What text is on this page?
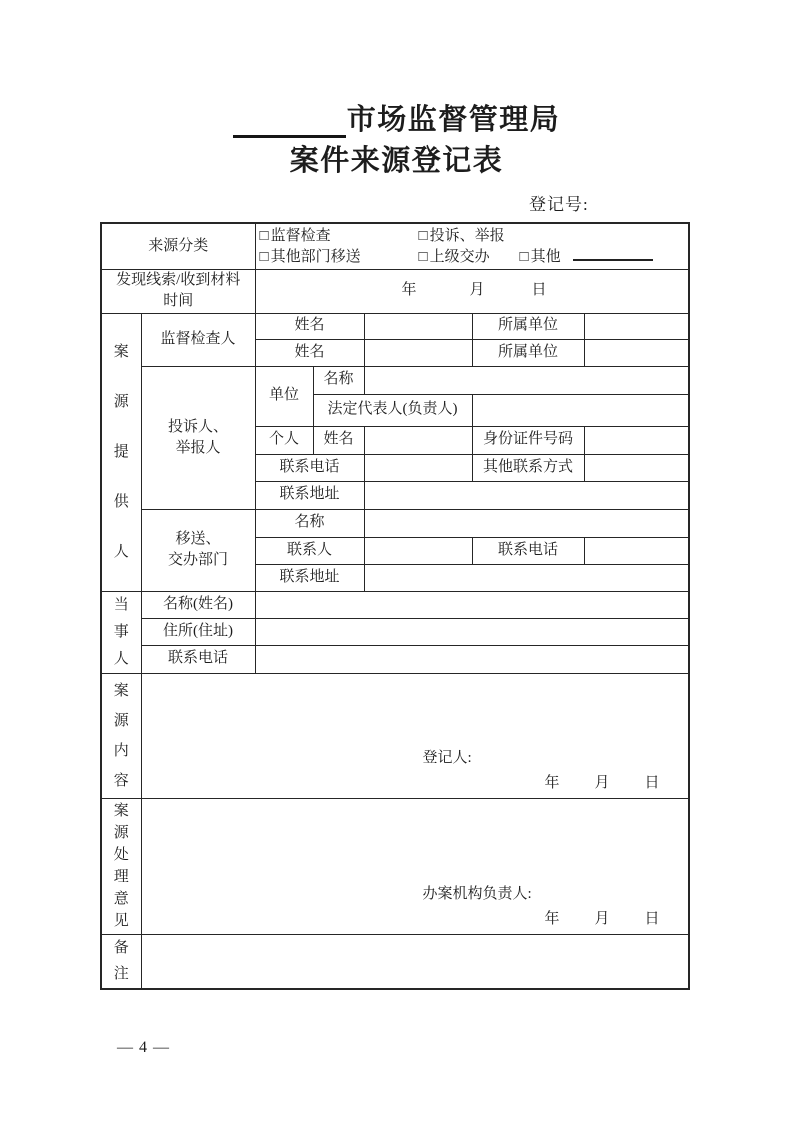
市场监督管理局
案件来源登记表
登记号:
来源分类		□ 监督检查 □ 投诉、举报
□ 其他部门移送 □ 上级交办 □ 其他				

发现线索/收到材料
时间		年 月 日				

案源提供人	监督检查人	姓名			所属单位	
		姓名			所属单位	

	投诉人、
举报人	单位	名称			
			法定代表人(负责人)			
		个人	姓名		身份证件号码	
		联系电话			其他联系方式	
		联系地址				

	移送、
交办部门	名称				
		联系人			联系电话	
		联系地址				

当事人	名称(姓名)					
	住所(住址)					
	联系电话					

案源内容	登记人:
年 月 日					

案源处理意见	办案机构负责人:
年 月 日					

备注						

— 4 —
